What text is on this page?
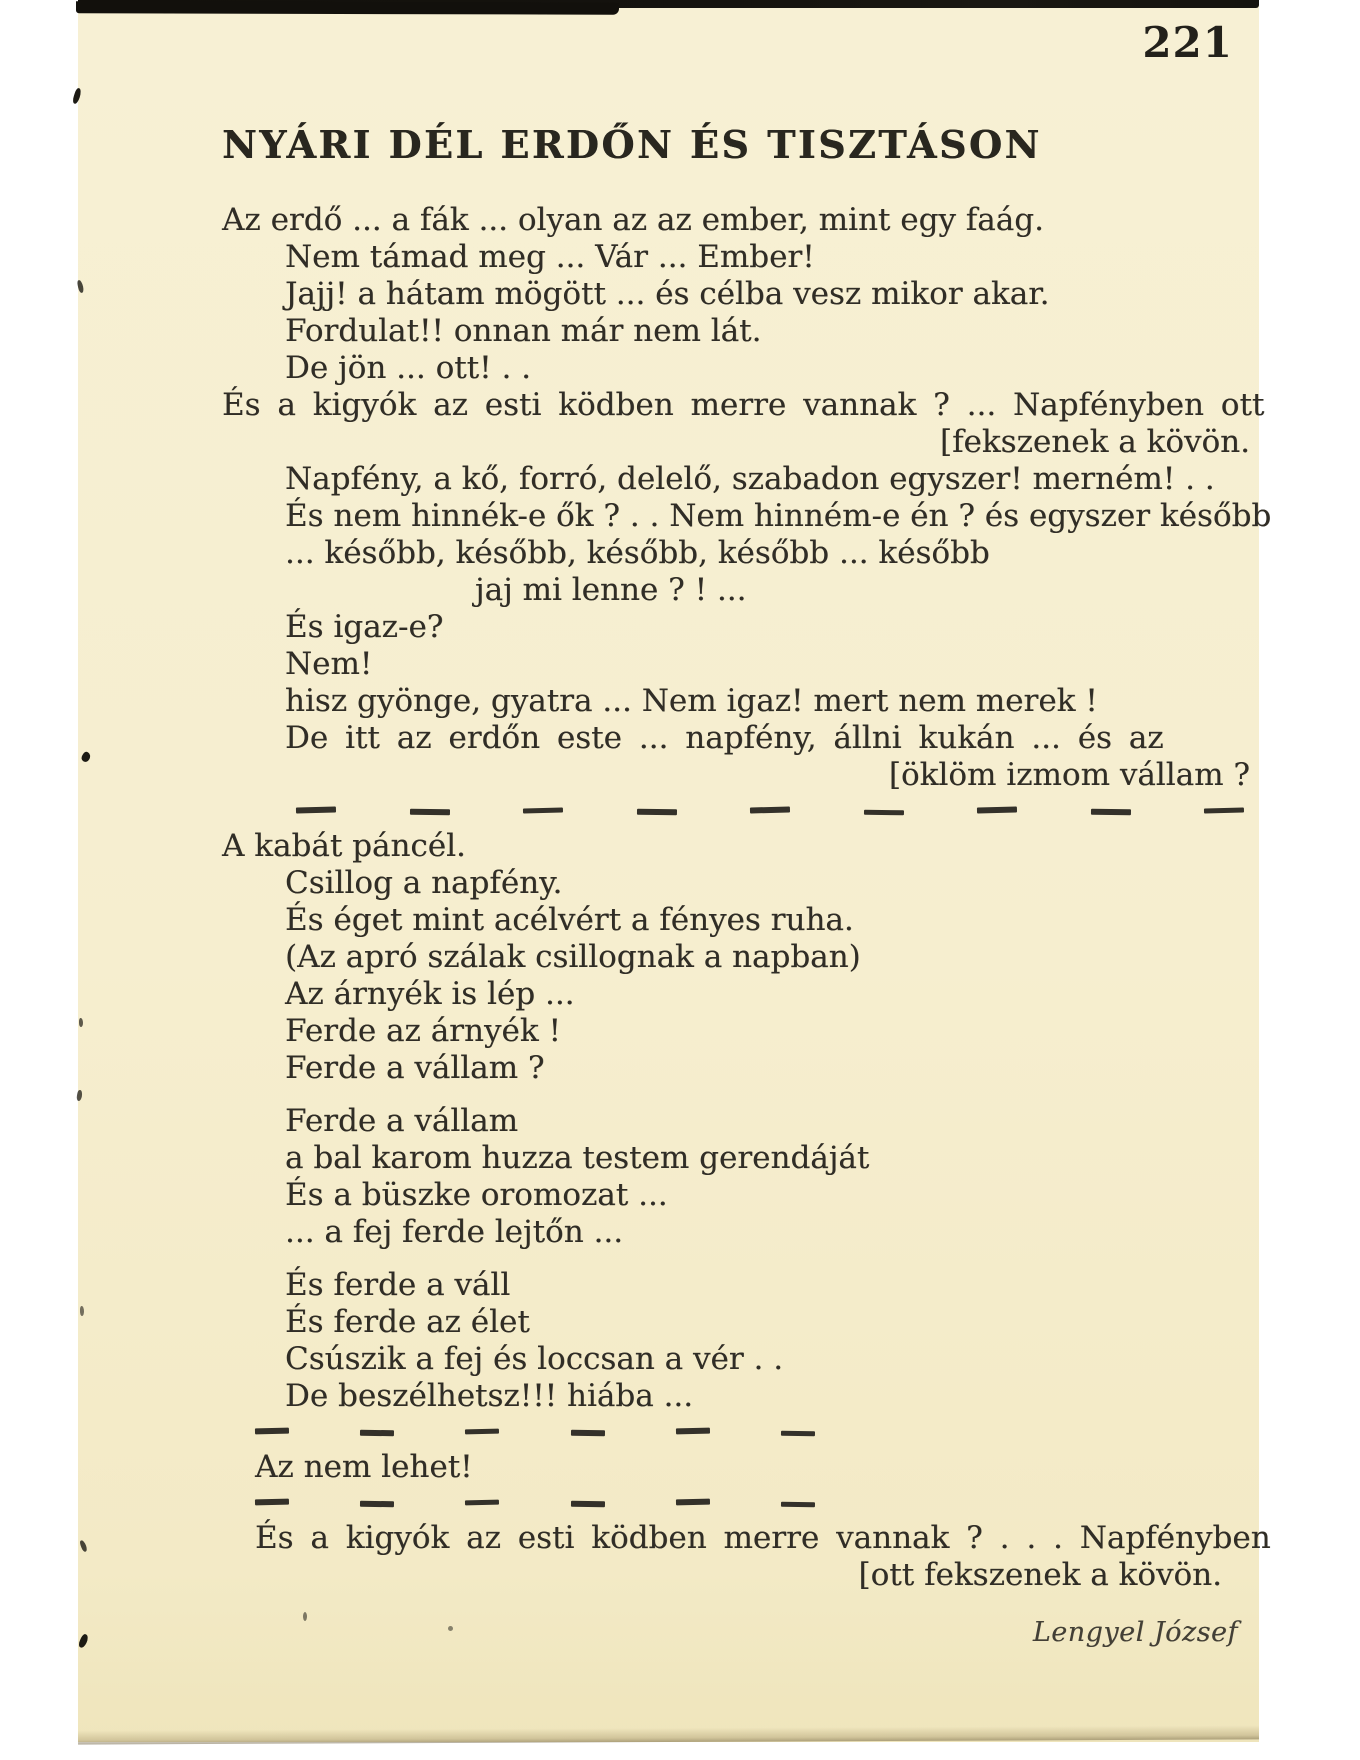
221
NYÁRI DÉL ERDŐN ÉS TISZTÁSON
Az erdő ... a fák ... olyan az az ember, mint egy faág.
Nem támad meg ... Vár ... Ember!
Jajj! a hátam mögött ... és célba vesz mikor akar.
Fordulat!! onnan már nem lát.
De jön ... ott! . .
És a kigyók az esti ködben merre vannak ? ... Napfényben ott
[fekszenek a kövön.
Napfény, a kő, forró, delelő, szabadon egyszer! merném! . .
És nem hinnék-e ők ? . . Nem hinném-e én ? és egyszer később
... később, később, később, később ... később
jaj mi lenne ? ! ...
És igaz-e?
Nem!
hisz gyönge, gyatra ... Nem igaz! mert nem merek !
De itt az erdőn este ... napfény, állni kukán ... és az
[öklöm izmom vállam ?
A kabát páncél.
Csillog a napfény.
És éget mint acélvért a fényes ruha.
(Az apró szálak csillognak a napban)
Az árnyék is lép ...
Ferde az árnyék !
Ferde a vállam ?
Ferde a vállam
a bal karom huzza testem gerendáját
És a büszke oromozat ...
... a fej ferde lejtőn ...
És ferde a váll
És ferde az élet
Csúszik a fej és loccsan a vér . .
De beszélhetsz!!! hiába ...
Az nem lehet!
És a kigyók az esti ködben merre vannak ? . . . Napfényben
[ott fekszenek a kövön.
Lengyel József
